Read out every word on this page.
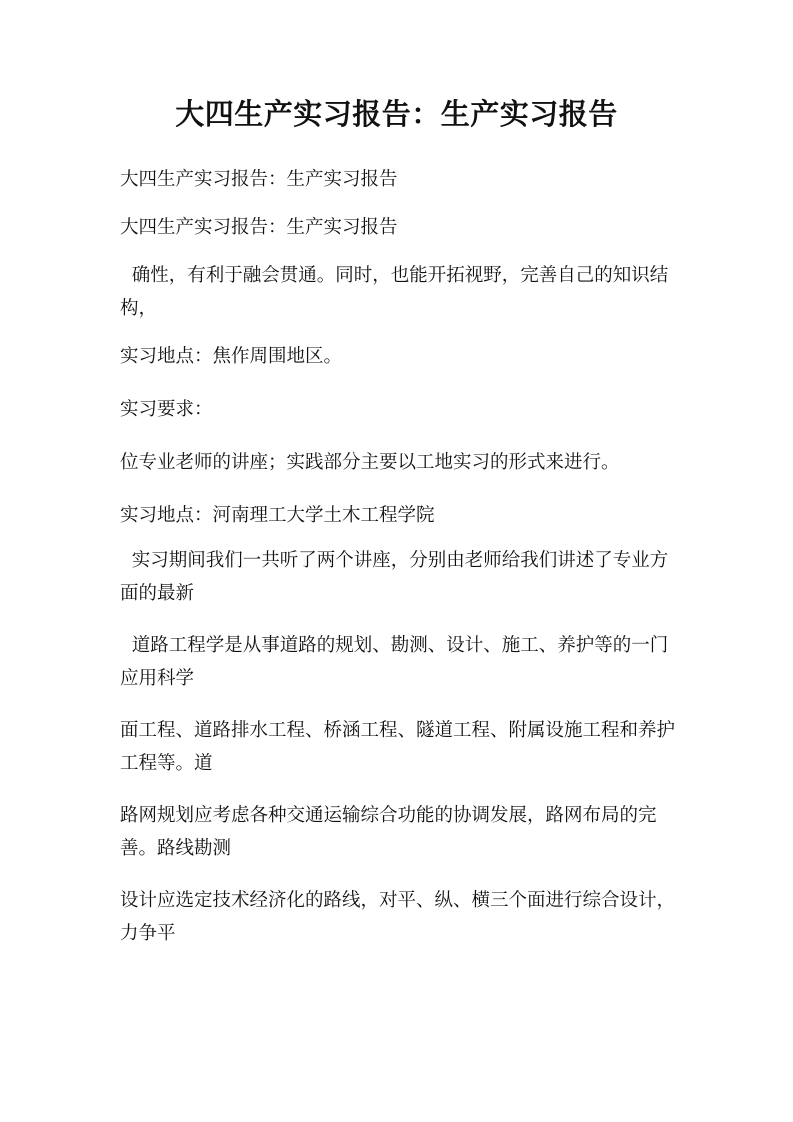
大四生产实习报告：生产实习报告

大四生产实习报告：生产实习报告

大四生产实习报告：生产实习报告

确性，有利于融会贯通。同时，也能开拓视野，完善自己的知识结构，

实习地点：焦作周围地区。

实习要求：

位专业老师的讲座；实践部分主要以工地实习的形式来进行。

实习地点：河南理工大学土木工程学院

实习期间我们一共听了两个讲座，分别由老师给我们讲述了专业方面的最新

道路工程学是从事道路的规划、勘测、设计、施工、养护等的一门应用科学

面工程、道路排水工程、桥涵工程、隧道工程、附属设施工程和养护工程等。道

路网规划应考虑各种交通运输综合功能的协调发展，路网布局的完善。路线勘测

设计应选定技术经济化的路线，对平、纵、横三个面进行综合设计，力争平
